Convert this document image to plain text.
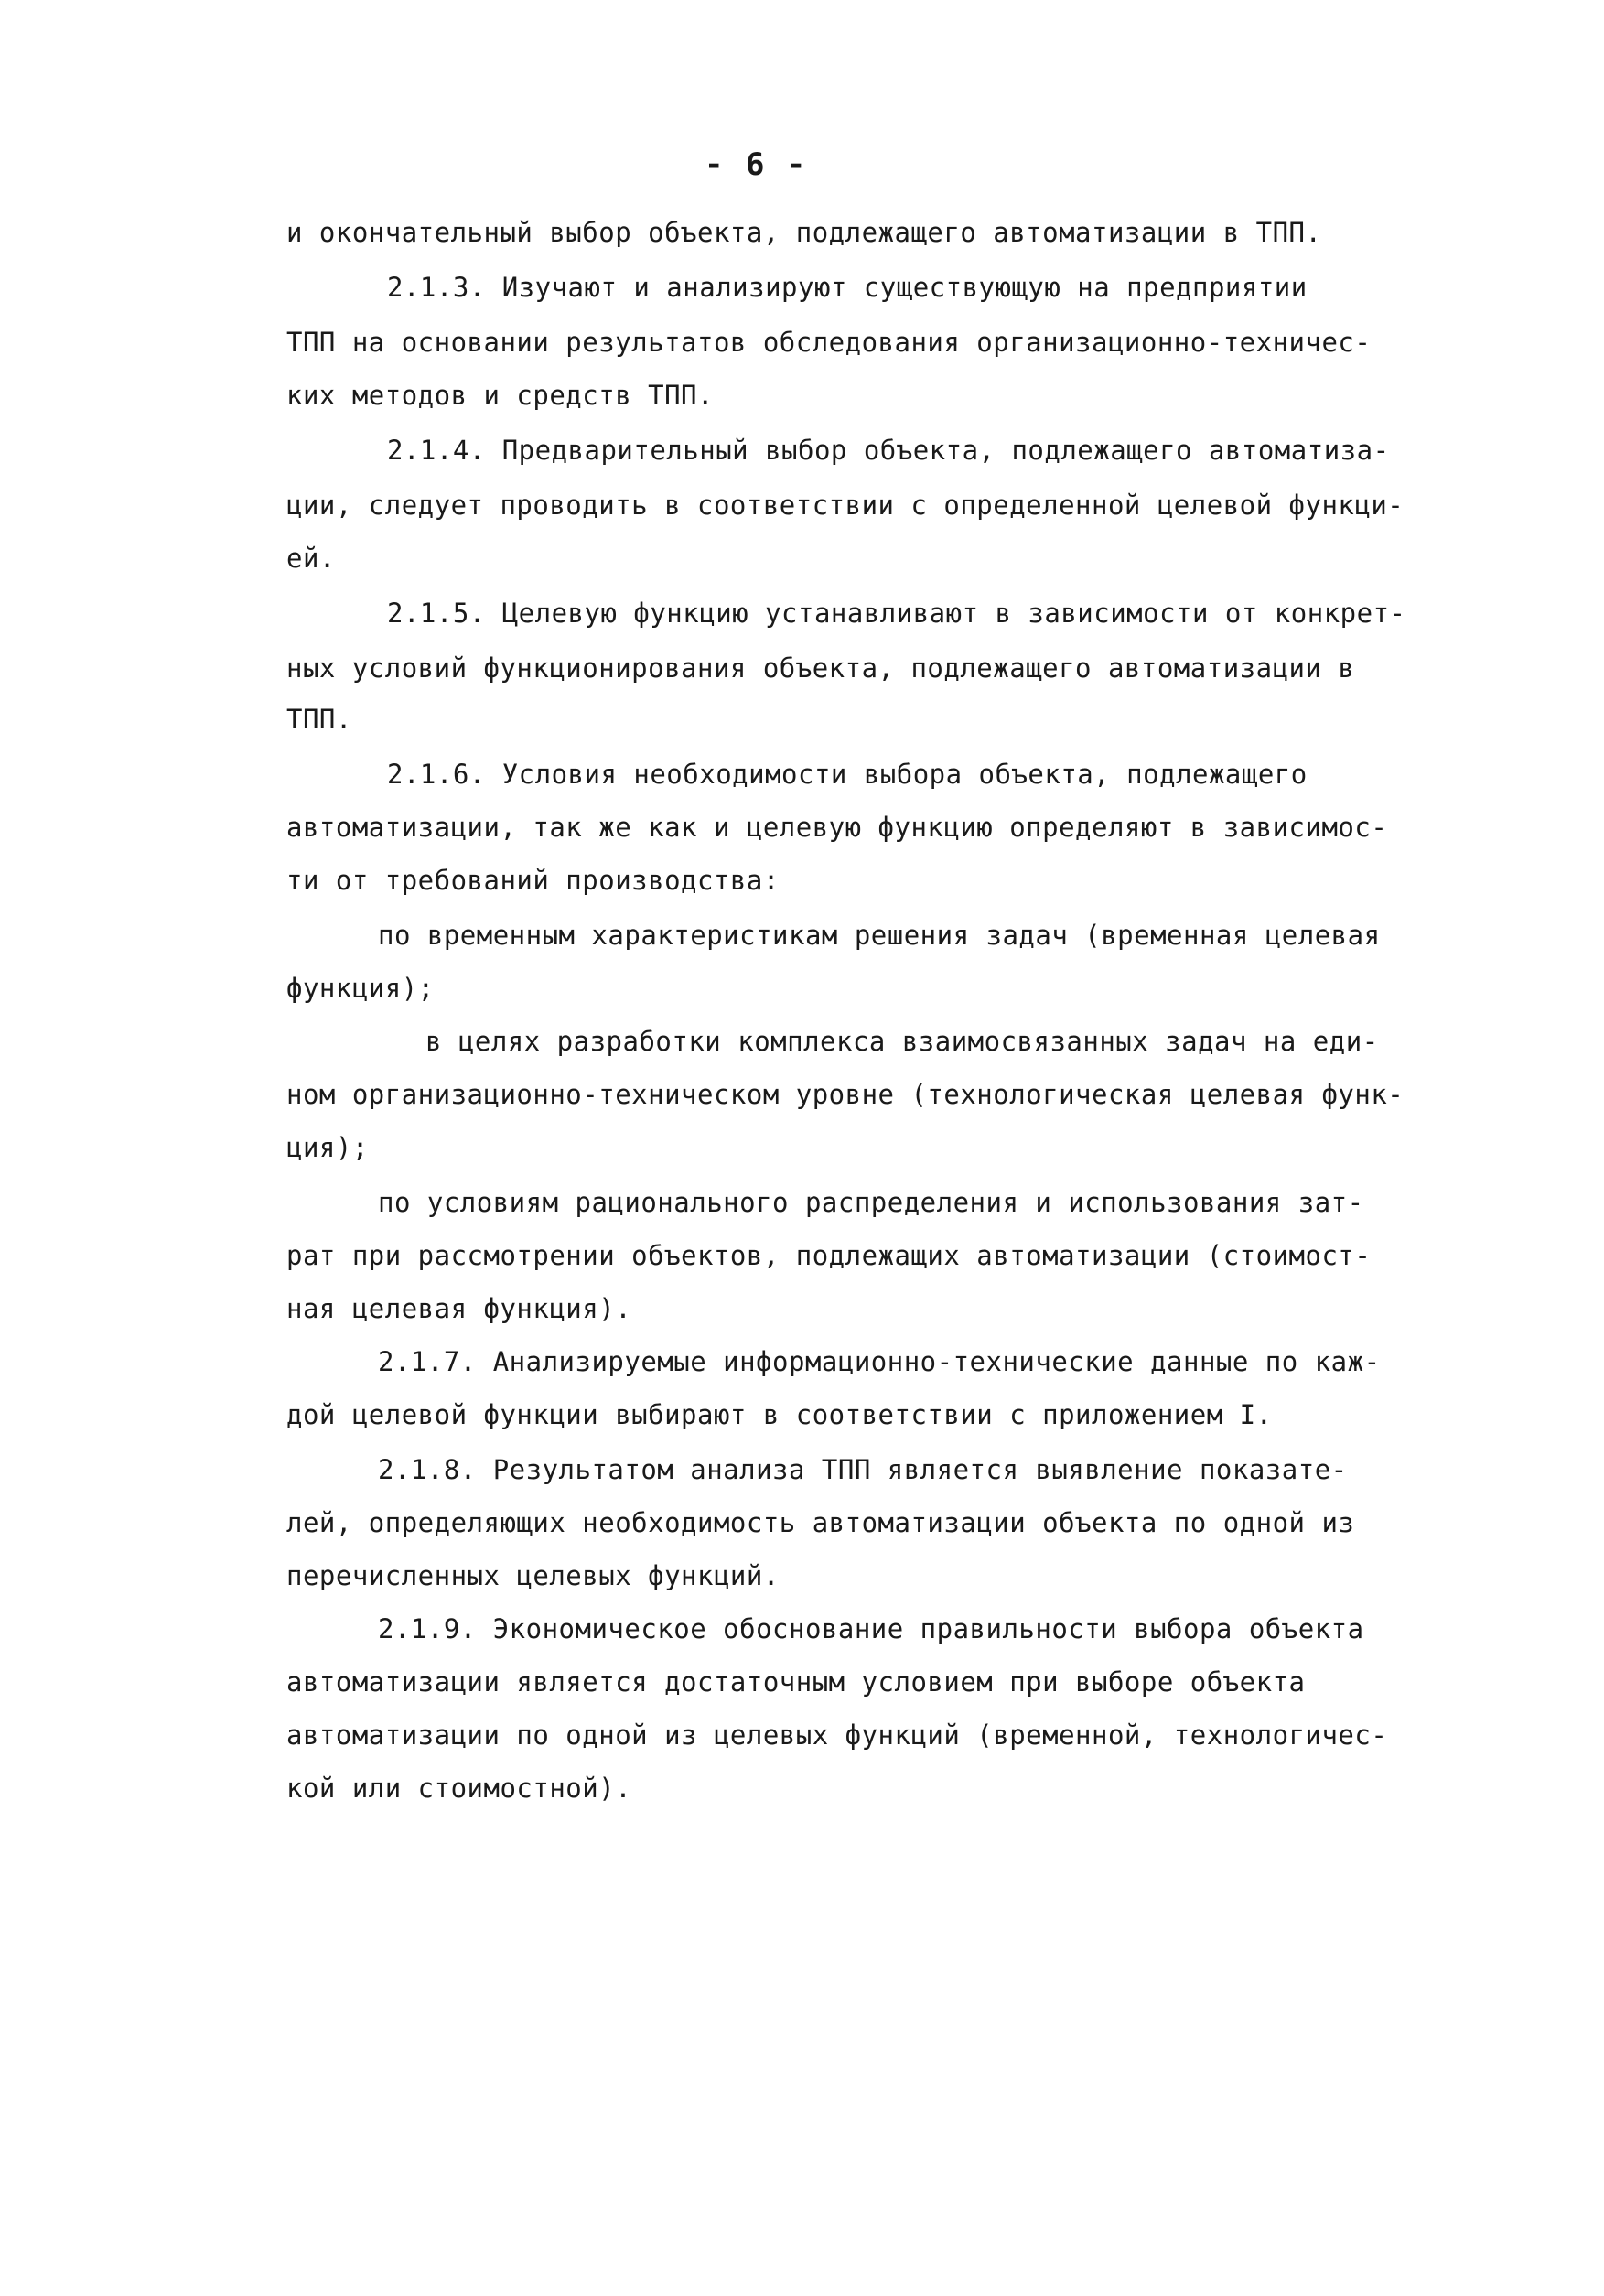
- 6 -
и окончательный выбор объекта, подлежащего автоматизации в ТПП.
2.1.3. Изучают и анализируют существующую на предприятии
ТПП на основании результатов обследования организационно-техничес-
ких методов и средств ТПП.
2.1.4. Предварительный выбор объекта, подлежащего автоматиза-
ции, следует проводить в соответствии с определенной целевой функци-
ей.
2.1.5. Целевую функцию устанавливают в зависимости от конкрет-
ных условий функционирования объекта, подлежащего автоматизации в
ТПП.
2.1.6. Условия необходимости выбора объекта, подлежащего
автоматизации, так же как и целевую функцию определяют в зависимос-
ти от требований производства:
по временным характеристикам решения задач (временная целевая
функция);
в целях разработки комплекса взаимосвязанных задач на еди-
ном организационно-техническом уровне (технологическая целевая функ-
ция);
по условиям рационального распределения и использования зат-
рат при рассмотрении объектов, подлежащих автоматизации (стоимост-
ная целевая функция).
2.1.7. Анализируемые информационно-технические данные по каж-
дой целевой функции выбирают в соответствии с приложением I.
2.1.8. Результатом анализа ТПП является выявление показате-
лей, определяющих необходимость автоматизации объекта по одной из
перечисленных целевых функций.
2.1.9. Экономическое обоснование правильности выбора объекта
автоматизации является достаточным условием при выборе объекта
автоматизации по одной из целевых функций (временной, технологичес-
кой или стоимостной).
